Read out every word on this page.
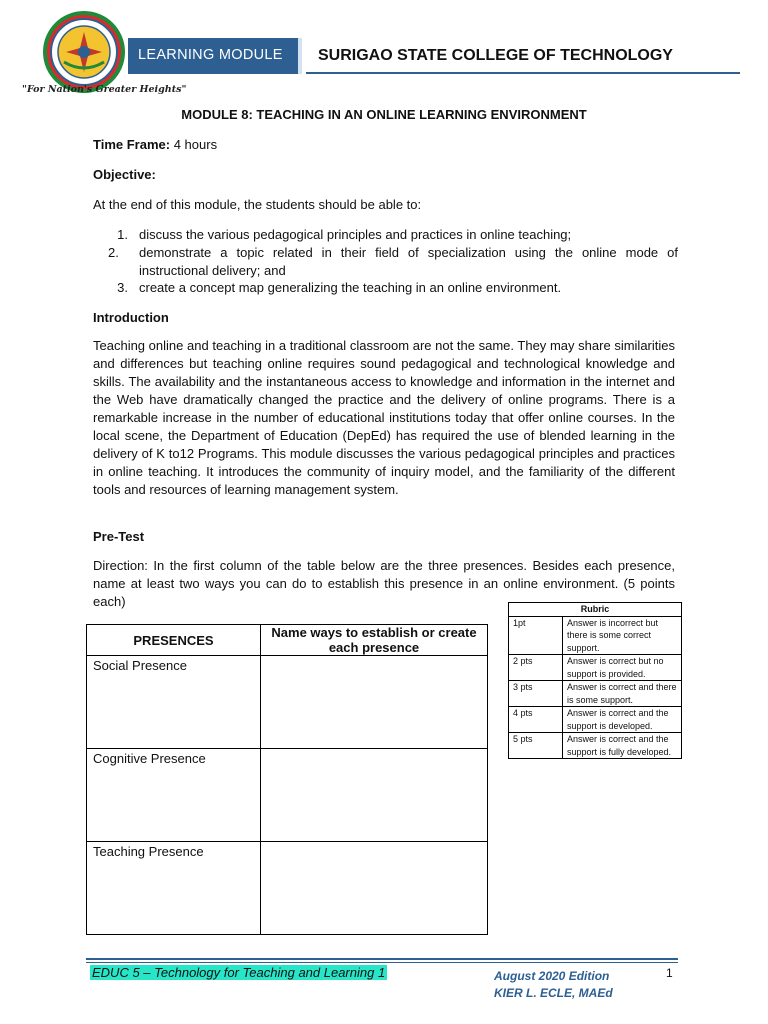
"For Nation's Greater Heights"
LEARNING MODULE SURIGAO STATE COLLEGE OF TECHNOLOGY
MODULE 8: TEACHING IN AN ONLINE LEARNING ENVIRONMENT
Time Frame: 4 hours
Objective:
At the end of this module, the students should be able to:
1. discuss the various pedagogical principles and practices in online teaching;
2.	demonstrate a topic related in their field of specialization using the online mode of instructional delivery; and
3. create a concept map generalizing the teaching in an online environment.
Introduction
Teaching online and teaching in a traditional classroom are not the same. They may share similarities and differences but teaching online requires sound pedagogical and technological knowledge and skills. The availability and the instantaneous access to knowledge and information in the internet and the Web have dramatically changed the practice and the delivery of online programs. There is a remarkable increase in the number of educational institutions today that offer online courses. In the local scene, the Department of Education (DepEd) has required the use of blended learning in the delivery of K to12 Programs. This module discusses the various pedagogical principles and practices in online teaching. It introduces the community of inquiry model, and the familiarity of the different tools and resources of learning management system.
Pre-Test
Direction: In the first column of the table below are the three presences. Besides each presence, name at least two ways you can do to establish this presence in an online environment. (5 points each)
PRESENCES	Name ways to establish or create each presence
Social Presence	
Cognitive Presence	
Teaching Presence	
Rubric	
1pt	Answer is incorrect but there is some correct support.
2 pts	Answer is correct but no support is provided.
3 pts	Answer is correct and there is some support.
4 pts	Answer is correct and the support is developed.
5 pts	Answer is correct and the support is fully developed.
EDUC 5 – Technology for Teaching and Learning 1	August 2020 Edition
KIER L. ECLE, MAEd
1
